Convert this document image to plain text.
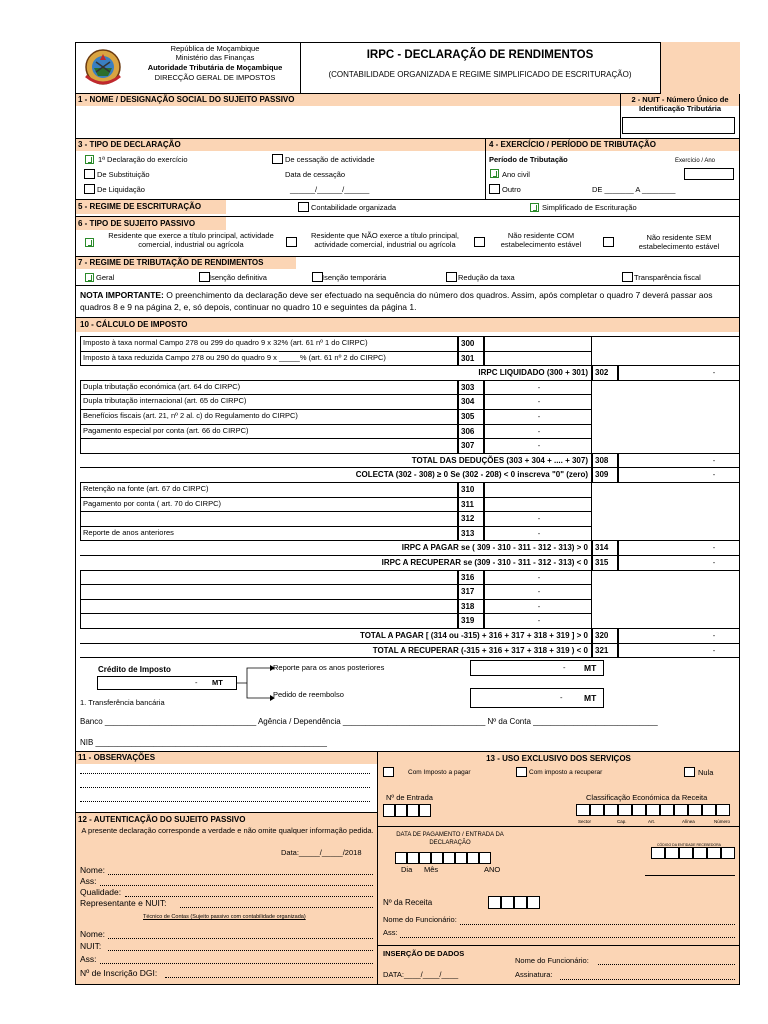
República de Moçambique
Ministério das Finanças
Autoridade Tributária de Moçambique
DIRECÇÃO GERAL DE IMPOSTOS
IRPC - DECLARAÇÃO DE RENDIMENTOS
(CONTABILIDADE ORGANIZADA E REGIME SIMPLIFICADO DE ESCRITURAÇÃO)
1 - NOME / DESIGNAÇÃO SOCIAL DO SUJEITO PASSIVO	2 - NUIT - Número Único de Identificação Tributária
3 - TIPO DE DECLARAÇÃO	4 - EXERCÍCIO / PERÍODO DE TRIBUTAÇÃO
1ª Declaração do exercício	De cessação de actividade
De Substituição	Data de cessação
De Liquidação	______/______/______
Período de Tributação	Exercício / Ano
Ano civil
Outro	DE _______ A ________
5 - REGIME DE ESCRITURAÇÃO	Contabilidade organizada	Simplificado de Escrituração
6 - TIPO DE SUJEITO PASSIVO
Residente que exerce a título principal, actividade comercial, industrial ou agrícola
Residente que NÃO exerce a título principal, actividade comercial, industrial ou agrícola
Não residente COM estabelecimento estável
Não residente SEM estabelecimento estável
7 - REGIME DE TRIBUTAÇÃO DE RENDIMENTOS
Geral	Isenção definitiva	Isenção temporária	Redução da taxa	Transparência fiscal
NOTA IMPORTANTE: O preenchimento da declaração deve ser efectuado na sequência do número dos quadros. Assim, após completar o quadro 7 deverá passar aos quadros 8 e 9 na página 2, e, só depois, continuar no quadro 10 e seguintes da página 1.
10 - CÁLCULO DE IMPOSTO
Imposto à taxa normal Campo 278 ou 299 do quadro 9 x 32% (art. 61 nº 1 do CIRPC)	300
Imposto à taxa reduzida Campo 278 ou 290 do quadro 9 x _____% (art. 61 nº 2 do CIRPC)	301
IRPC LIQUIDADO (300 + 301) 302	-
Dupla tributação económica (art. 64 do CIRPC)	303	-
Dupla tributação internacional (art. 65 do CIRPC)	304	-
Benefícios fiscais (art. 21, nº 2 al. c) do Regulamento do CIRPC)	305	-
Pagamento especial por conta (art. 66 do CIRPC)	306	-
307	-
TOTAL DAS DEDUÇÕES (303 + 304 + .... + 307) 308	-
COLECTA (302 - 308) ≥ 0 Se (302 - 208) < 0 inscreva "0" (zero) 309	-
Retenção na fonte (art. 67 do CIRPC)	310
Pagamento por conta ( art. 70 do CIRPC)	311
312	-
Reporte de anos anteriores	313	-
IRPC A PAGAR se ( 309 - 310 - 311 - 312 - 313) > 0 314	-
IRPC A RECUPERAR se (309 - 310 - 311 - 312 - 313) < 0 315	-
316	-
317	-
318	-
319	-
TOTAL A PAGAR [ (314 ou -315) + 316 + 317 + 318 + 319 ] > 0 320	-
TOTAL A RECUPERAR (-315 + 316 + 317 + 318 + 319 ) < 0 321	-
Crédito de Imposto
MT
-
Reporte para os anos posteriores
Pedido de reembolso
- MT
-	MT
1. Transferência bancária
Banco __________________________________ Agência / Dependência ________________________________ Nº da Conta ____________________________
NIB ____________________________________________________
11 - OBSERVAÇÕES
12 - AUTENTICAÇÃO DO SUJEITO PASSIVO
A presente declaração corresponde a verdade e não omite qualquer informação pedida.
Data:_____/_____/2018
Nome:
Ass:
Qualidade:
Representante e NUIT:
Técnico de Contas (Sujeito passivo com contabilidade organizada)
Nome:
NUIT:
Ass:
Nº de Inscrição DGI:
13 - USO EXCLUSIVO DOS SERVIÇOS
Com Imposto a pagar	Com imposto a recuperar	Nula
Nº de Entrada	Classificação Económica da Receita
Sector	Cap.	Art.	Alínea	Número
DATA DE PAGAMENTO / ENTRADA DA DECLARAÇÃO	CÓDIGO DA ENTIDADE RECEBEDORA
Dia Mês	ANO
Nº da Receita
Nome do Funcionário:
Ass:
INSERÇÃO DE DADOS
Nome do Funcionário:
DATA:____/____/____	Assinatura:
